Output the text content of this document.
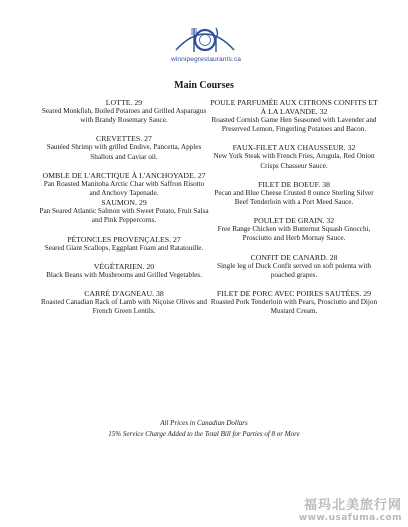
winnipegrestaurants.ca
Main Courses
LOTTE. 29
Seared Monkfish, Boiled Potatoes and Grilled Asparagus with Brandy Rosemary Sauce.
CREVETTES. 27
Sautéed Shrimp with grilled Endive, Pancetta, Apples Shallots and Caviar oil.
OMBLE DE L'ARCTIQUE À L'ANCHOYADE. 27
Pan Roasted Manitoba Arctic Char with Saffron Risotto and Anchovy Tapenade.
SAUMON. 29
Pan Seared Atlantic Salmon with Sweet Potato, Fruit Salsa and Pink Peppercorns.
PÉTONCLES PROVENÇALES. 27
Seared Giant Scallops, Eggplant Foam and Ratatouille.
VÉGÉTARIEN. 20
Black Beans with Mushrooms and Grilled Vegetables.
CARRÉ D'AGNEAU. 38
Roasted Canadian Rack of Lamb with Niçoise Olives and French Green Lentils.
POULE PARFUMÉE AUX CITRONS CONFITS ET À LA LAVANDE. 32
Roasted Cornish Game Hen Seasoned with Lavender and Preserved Lemon, Fingerling Potatoes and Bacon.
FAUX-FILET AUX CHAUSSEUR. 32
New York Steak with French Fries, Arugula, Red Onion Crisps Chasseur Sauce.
FILET DE BOEUF. 38
Pecan and Blue Cheese Crusted 8 ounce Sterling Silver Beef Tenderloin with a Port Meed Sauce.
POULET DE GRAIN. 32
Free Range Chicken with Butternut Squash Gnocchi, Prosciutto and Herb Mornay Sauce.
CONFIT DE CANARD. 28
Single leg of Duck Confit served on soft polenta with poached grapes.
FILET DE PORC AVEC POIRES SAUTÉES. 29
Roasted Pork Tenderloin with Pears, Prosciutto and Dijon Mustard Cream.
All Prices in Canadian Dollars
15% Service Charge Added to the Total Bill for Parties of 8 or More
福玛北美旅行网
www.usafuma.com
